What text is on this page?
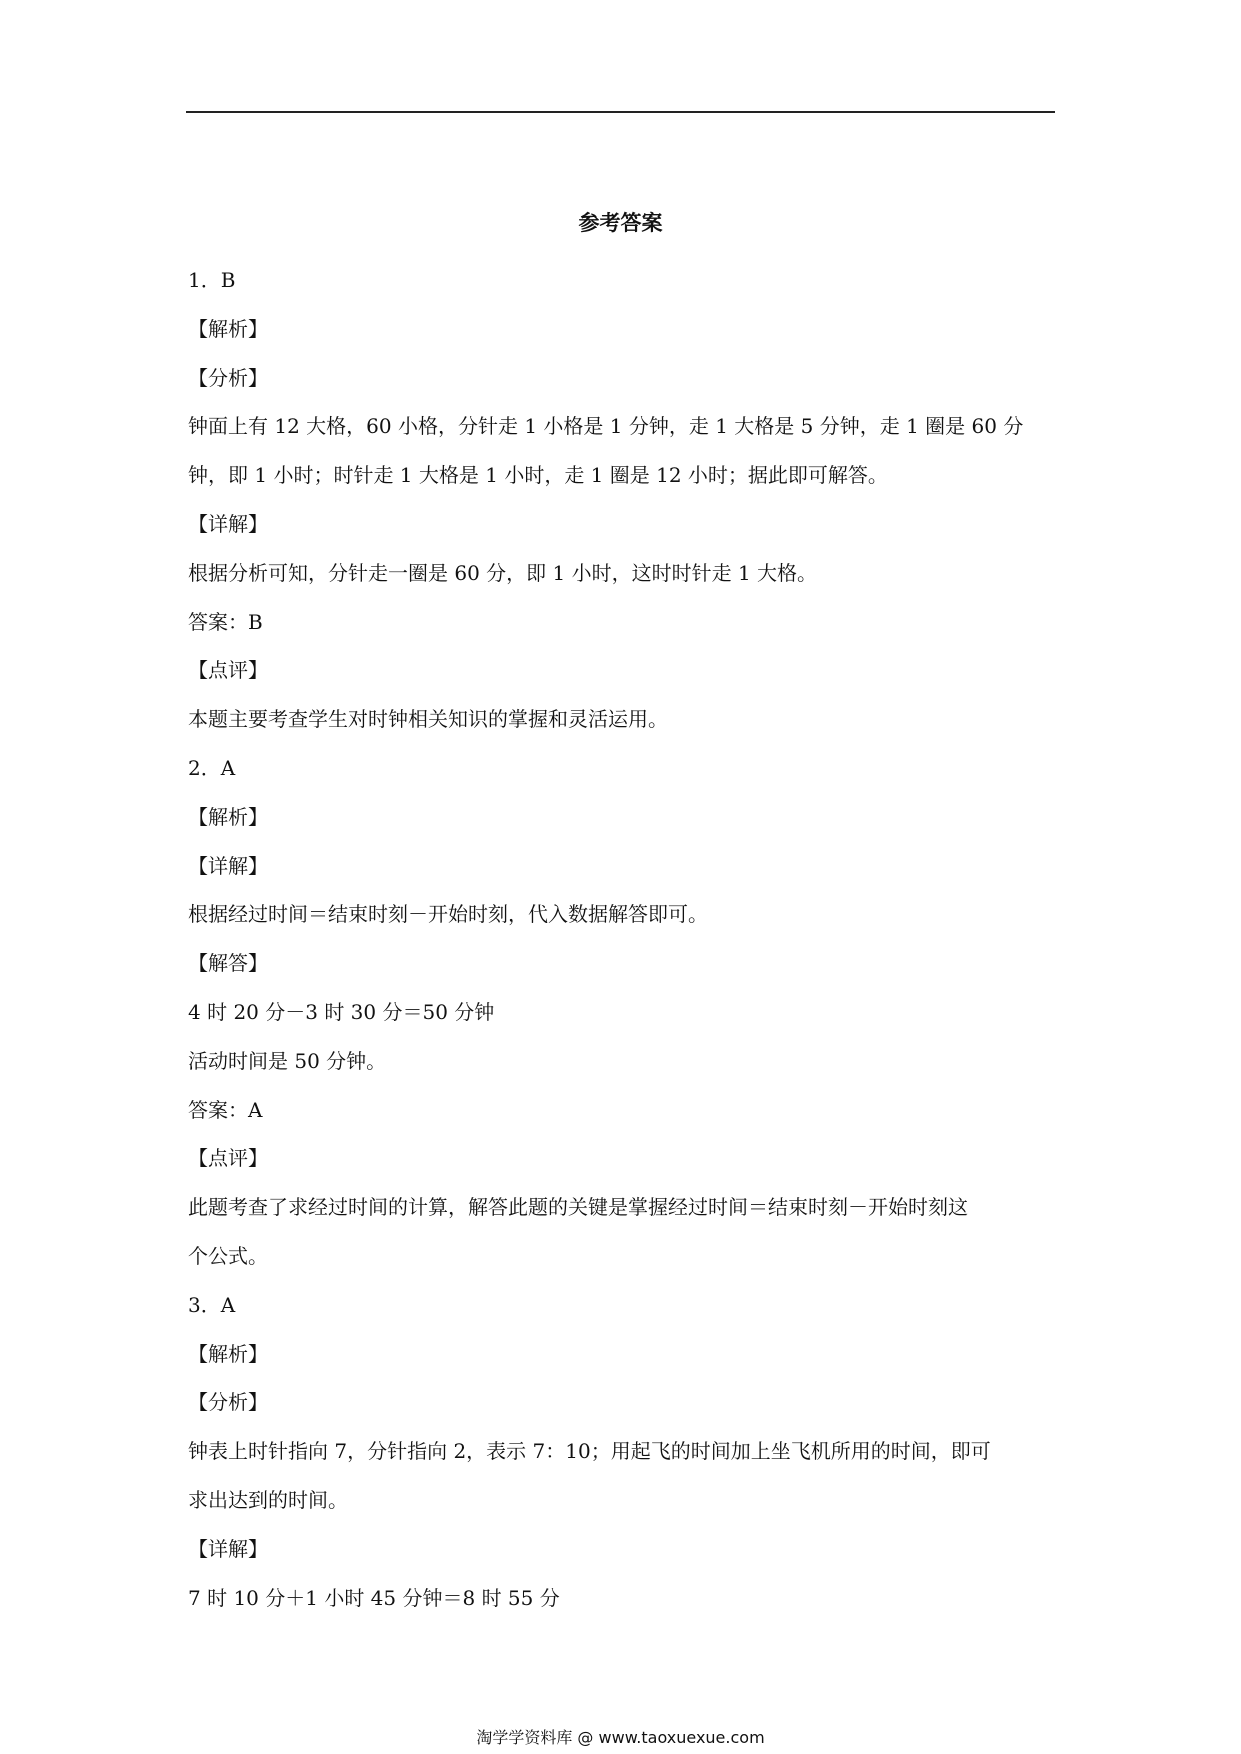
参考答案
1．B
【解析】
【分析】
钟面上有 12 大格，60 小格，分针走 1 小格是 1 分钟，走 1 大格是 5 分钟，走 1 圈是 60 分
钟，即 1 小时；时针走 1 大格是 1 小时，走 1 圈是 12 小时；据此即可解答。
【详解】
根据分析可知，分针走一圈是 60 分，即 1 小时，这时时针走 1 大格。
答案：B
【点评】
本题主要考查学生对时钟相关知识的掌握和灵活运用。
2．A
【解析】
【详解】
根据经过时间＝结束时刻－开始时刻，代入数据解答即可。
【解答】
4 时 20 分－3 时 30 分＝50 分钟
活动时间是 50 分钟。
答案：A
【点评】
此题考查了求经过时间的计算，解答此题的关键是掌握经过时间＝结束时刻－开始时刻这
个公式。
3．A
【解析】
【分析】
钟表上时针指向 7，分针指向 2，表示 7：10；用起飞的时间加上坐飞机所用的时间，即可
求出达到的时间。
【详解】
7 时 10 分＋1 小时 45 分钟＝8 时 55 分
淘学学资料库 @ www.taoxuexue.com
